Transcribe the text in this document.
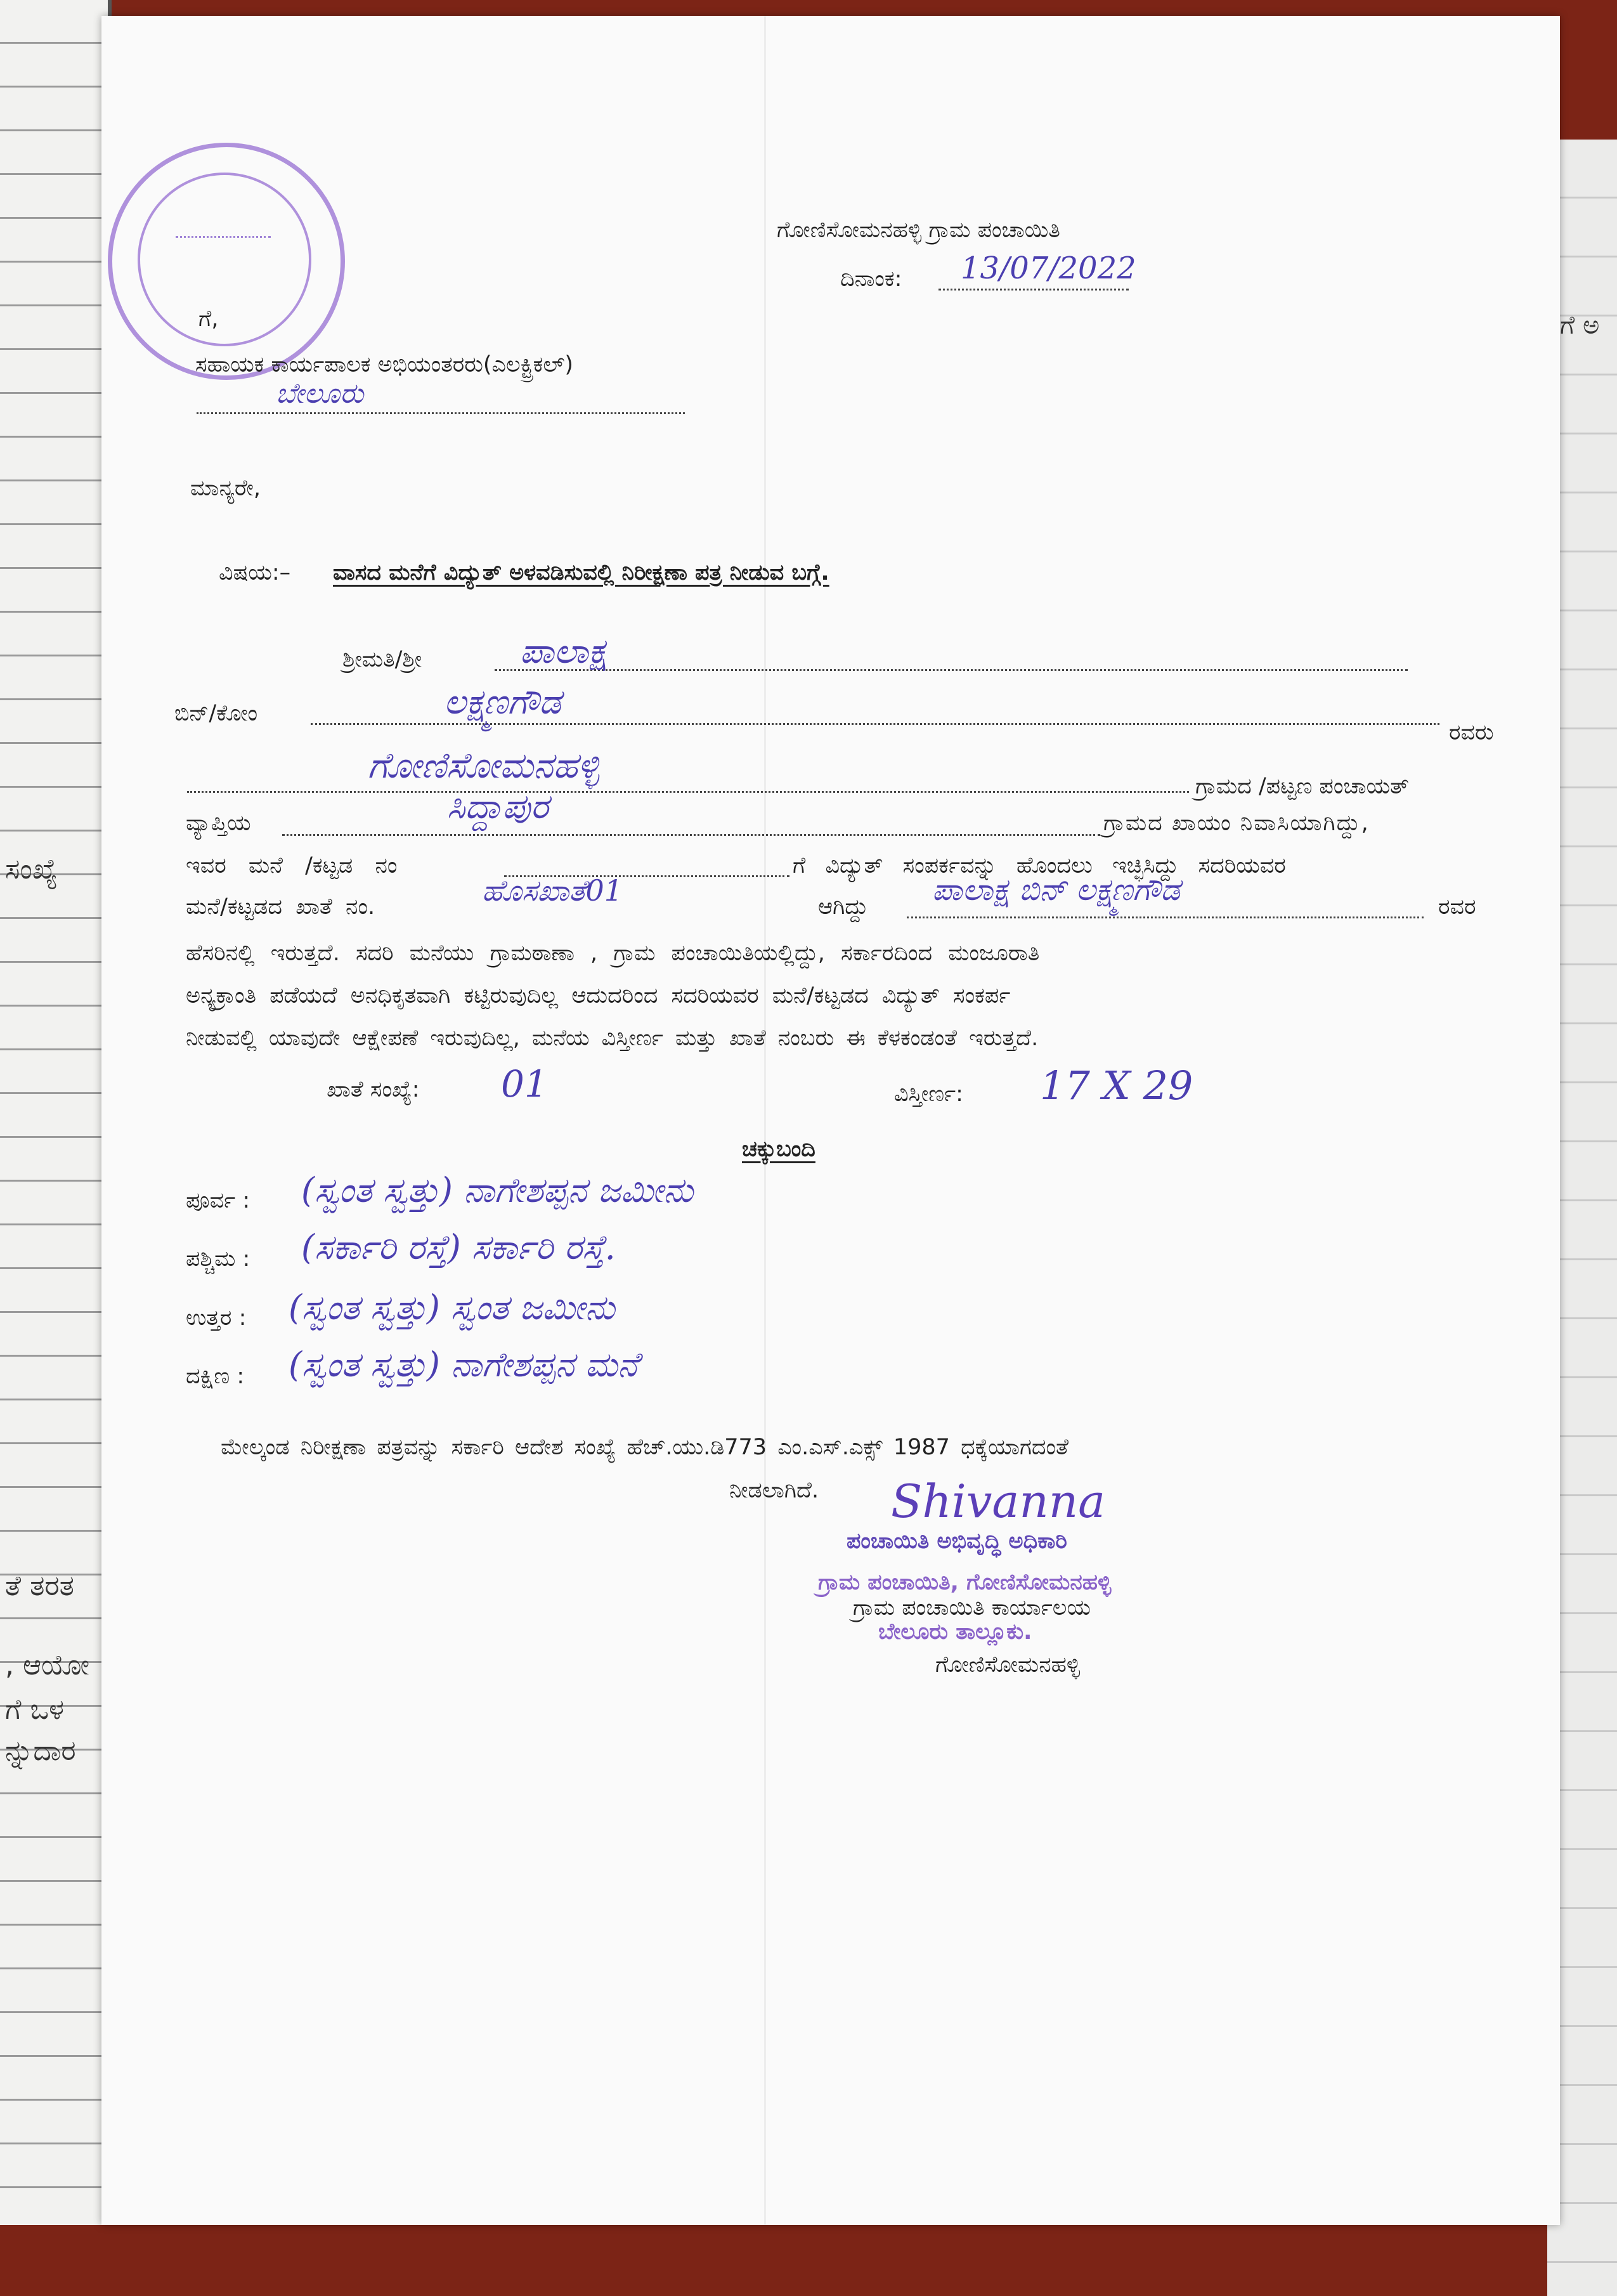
ಸಂಖ್ಯೆ
ತೆ ತರತ
, ಆಯೋ
ಗೆ ಒಳ
ನ್ನುದಾರ
ಗೆ ಅ
ಗೋಣಿಸೋಮನಹಳ್ಳಿ ಗ್ರಾಮ ಪಂಚಾಯಿತಿ
ದಿನಾಂಕ: 13/07/2022
ಗೆ,
ಸಹಾಯಕ ಕಾರ್ಯಪಾಲಕ ಅಭಿಯಂತರರು(ಎಲಕ್ಟ್ರಿಕಲ್)
ಬೇಲೂರು
ಮಾನ್ಯರೇ,
ವಿಷಯ:– ವಾಸದ ಮನೆಗೆ ವಿದ್ಯುತ್ ಅಳವಡಿಸುವಲ್ಲಿ ನಿರೀಕ್ಷಣಾ ಪತ್ರ ನೀಡುವ ಬಗ್ಗೆ.
ಶ್ರೀಮತಿ/ಶ್ರೀ	ಪಾಲಾಕ್ಷ
ಬಿನ್/ಕೋಂ	ಲಕ್ಷ್ಮಣಗೌಡ
ರವರು
ಗೋಣಿಸೋಮನಹಳ್ಳಿ	ಗ್ರಾಮದ /ಪಟ್ಟಣ ಪಂಚಾಯತ್
ವ್ಯಾಪ್ತಿಯ	ಸಿದ್ದಾಪುರ	ಗ್ರಾಮದ ಖಾಯಂ ನಿವಾಸಿಯಾಗಿದ್ದು,
ಇವರ ಮನೆ /ಕಟ್ಟಡ ನಂ	ಗೆ ವಿದ್ಯುತ್ ಸಂಪರ್ಕವನ್ನು ಹೊಂದಲು ಇಚ್ಛಿಸಿದ್ದು ಸದರಿಯವರ
ಮನೆ/ಕಟ್ಟಡದ ಖಾತೆ ನಂ.	ಹೊಸಖಾತೆ01	ಆಗಿದ್ದು ಪಾಲಾಕ್ಷ ಬಿನ್ ಲಕ್ಷ್ಮಣಗೌಡ	ರವರ
ಹೆಸರಿನಲ್ಲಿ ಇರುತ್ತದೆ. ಸದರಿ ಮನೆಯು ಗ್ರಾಮಠಾಣಾ , ಗ್ರಾಮ ಪಂಚಾಯಿತಿಯಲ್ಲಿದ್ದು, ಸರ್ಕಾರದಿಂದ ಮಂಜೂರಾತಿ
ಅನ್ಯಕ್ರಾಂತಿ ಪಡೆಯದೆ ಅನಧಿಕೃತವಾಗಿ ಕಟ್ಟಿರುವುದಿಲ್ಲ ಆದುದರಿಂದ ಸದರಿಯವರ ಮನೆ/ಕಟ್ಟಡದ ವಿದ್ಯುತ್ ಸಂಕರ್ಪ
ನೀಡುವಲ್ಲಿ ಯಾವುದೇ ಆಕ್ಷೇಪಣೆ ಇರುವುದಿಲ್ಲ, ಮನೆಯ ವಿಸ್ತೀರ್ಣ ಮತ್ತು ಖಾತೆ ನಂಬರು ಈ ಕೆಳಕಂಡಂತೆ ಇರುತ್ತದೆ.
ಖಾತೆ ಸಂಖ್ಯೆ: 01	ವಿಸ್ತೀರ್ಣ: 17 X 29
ಚಕ್ಕುಬಂದಿ
ಪೂರ್ವ : (ಸ್ವಂತ ಸ್ವತ್ತು) ನಾಗೇಶಪ್ಪನ ಜಮೀನು
ಪಶ್ಚಿಮ : (ಸರ್ಕಾರಿ ರಸ್ತೆ) ಸರ್ಕಾರಿ ರಸ್ತೆ.
ಉತ್ತರ : (ಸ್ವಂತ ಸ್ವತ್ತು) ಸ್ವಂತ ಜಮೀನು
ದಕ್ಷಿಣ : (ಸ್ವಂತ ಸ್ವತ್ತು) ನಾಗೇಶಪ್ಪನ ಮನೆ
ಮೇಲ್ಕಂಡ ನಿರೀಕ್ಷಣಾ ಪತ್ರವನ್ನು ಸರ್ಕಾರಿ ಆದೇಶ ಸಂಖ್ಯೆ ಹೆಚ್.ಯು.ಡಿ773 ಎಂ.ಎಸ್.ಎಕ್ಸ್ 1987 ಧಕ್ಕೆಯಾಗದಂತೆ
ನೀಡಲಾಗಿದೆ. Shivanna
ಪಂಚಾಯಿತಿ ಅಭಿವೃದ್ಧಿ ಅಧಿಕಾರಿ
ಗ್ರಾಮ ಪಂಚಾಯಿತಿ, ಗೋಣಿಸೋಮನಹಳ್ಳಿ
ಗ್ರಾಮ ಪಂಚಾಯಿತಿ ಕಾರ್ಯಾಲಯ
ಬೇಲೂರು ತಾಲ್ಲೂಕು.
ಗೋಣಿಸೋಮನಹಳ್ಳಿ
